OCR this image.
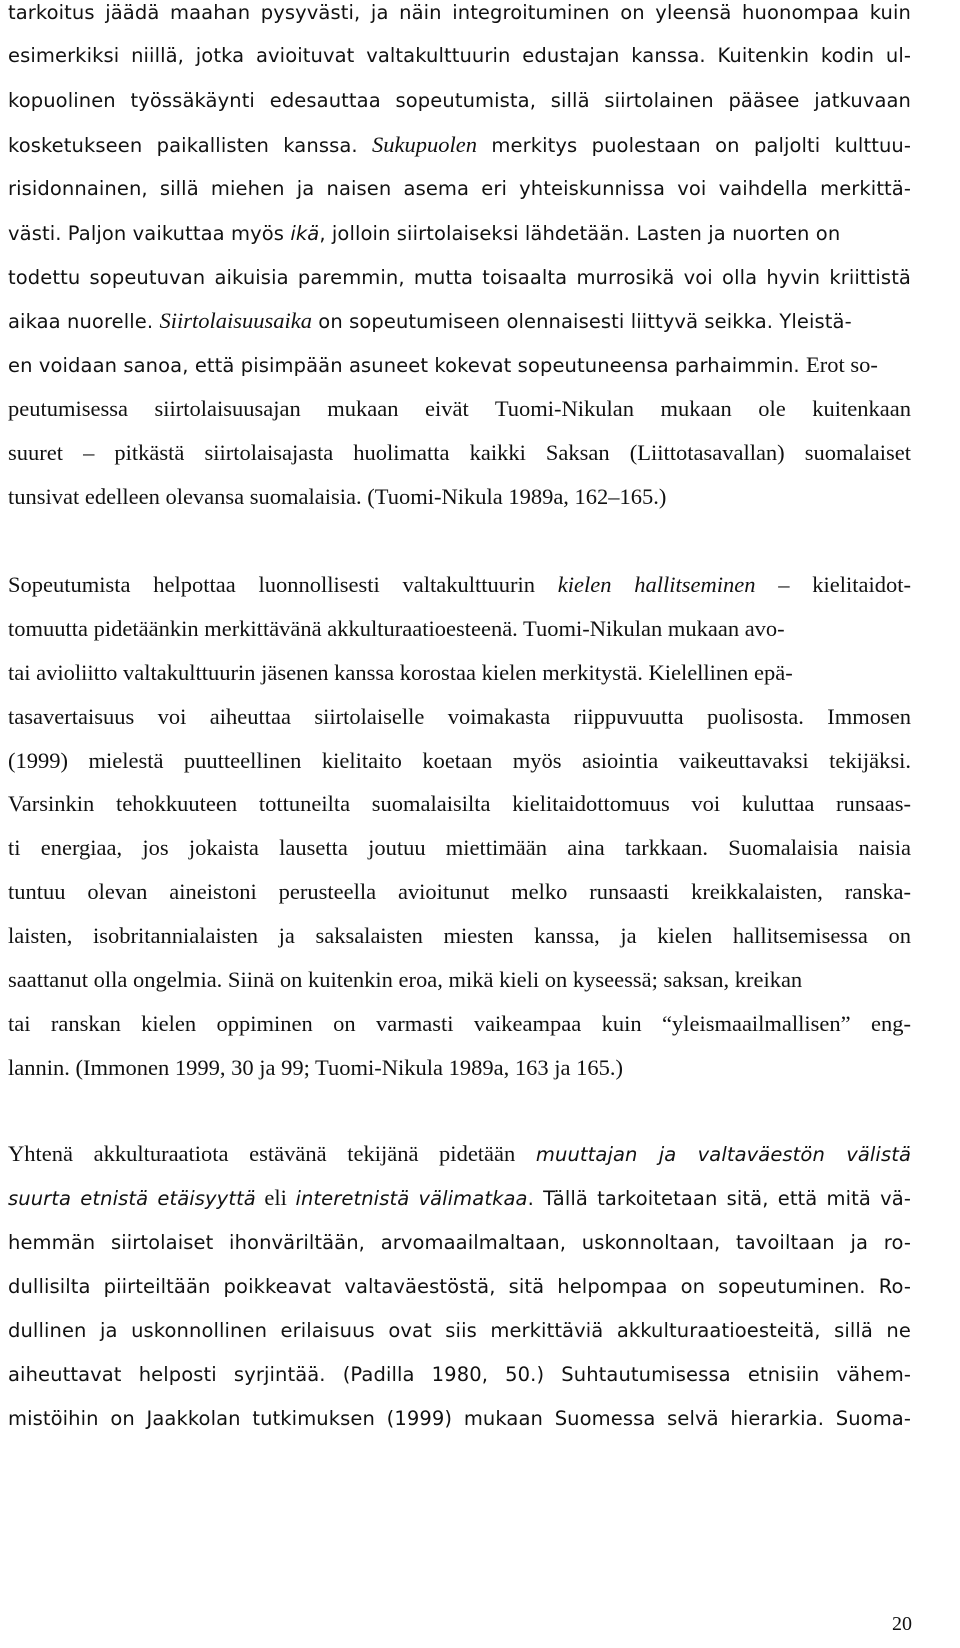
tarkoitus jäädä maahan pysyvästi, ja näin integroituminen on yleensä huonompaa kuin
esimerkiksi niillä, jotka avioituvat valtakulttuurin edustajan kanssa. Kuitenkin kodin ul-
kopuolinen työssäkäynti edesauttaa sopeutumista, sillä siirtolainen pääsee jatkuvaan
kosketukseen paikallisten kanssa. Sukupuolen merkitys puolestaan on paljolti kulttuu-
risidonnainen, sillä miehen ja naisen asema eri yhteiskunnissa voi vaihdella merkittä-
västi. Paljon vaikuttaa myös ikä, jolloin siirtolaiseksi lähdetään. Lasten ja nuorten on
todettu sopeutuvan aikuisia paremmin, mutta toisaalta murrosikä voi olla hyvin kriittistä
aikaa nuorelle. Siirtolaisuusaika on sopeutumiseen olennaisesti liittyvä seikka. Yleistä-
en voidaan sanoa, että pisimpään asuneet kokevat sopeutuneensa parhaimmin. Erot so-
peutumisessa siirtolaisuusajan mukaan eivät Tuomi-Nikulan mukaan ole kuitenkaan
suuret – pitkästä siirtolaisajasta huolimatta kaikki Saksan (Liittotasavallan) suomalaiset
tunsivat edelleen olevansa suomalaisia. (Tuomi-Nikula 1989a, 162–165.)
Sopeutumista helpottaa luonnollisesti valtakulttuurin kielen hallitseminen – kielitaidot-
tomuutta pidetäänkin merkittävänä akkulturaatioesteenä. Tuomi-Nikulan mukaan avo-
tai avioliitto valtakulttuurin jäsenen kanssa korostaa kielen merkitystä. Kielellinen epä-
tasavertaisuus voi aiheuttaa siirtolaiselle voimakasta riippuvuutta puolisosta. Immosen
(1999) mielestä puutteellinen kielitaito koetaan myös asiointia vaikeuttavaksi tekijäksi.
Varsinkin tehokkuuteen tottuneilta suomalaisilta kielitaidottomuus voi kuluttaa runsaas-
ti energiaa, jos jokaista lausetta joutuu miettimään aina tarkkaan. Suomalaisia naisia
tuntuu olevan aineistoni perusteella avioitunut melko runsaasti kreikkalaisten, ranska-
laisten, isobritannialaisten ja saksalaisten miesten kanssa, ja kielen hallitsemisessa on
saattanut olla ongelmia. Siinä on kuitenkin eroa, mikä kieli on kyseessä; saksan, kreikan
tai ranskan kielen oppiminen on varmasti vaikeampaa kuin “yleismaailmallisen” eng-
lannin. (Immonen 1999, 30 ja 99; Tuomi-Nikula 1989a, 163 ja 165.)
Yhtenä akkulturaatiota estävänä tekijänä pidetään muuttajan ja valtaväestön välistä
suurta etnistä etäisyyttä eli interetnistä välimatkaa. Tällä tarkoitetaan sitä, että mitä vä-
hemmän siirtolaiset ihonväriltään, arvomaailmaltaan, uskonnoltaan, tavoiltaan ja ro-
dullisilta piirteiltään poikkeavat valtaväestöstä, sitä helpompaa on sopeutuminen. Ro-
dullinen ja uskonnollinen erilaisuus ovat siis merkittäviä akkulturaatioesteitä, sillä ne
aiheuttavat helposti syrjintää. (Padilla 1980, 50.) Suhtautumisessa etnisiin vähem-
mistöihin on Jaakkolan tutkimuksen (1999) mukaan Suomessa selvä hierarkia. Suoma-
20
